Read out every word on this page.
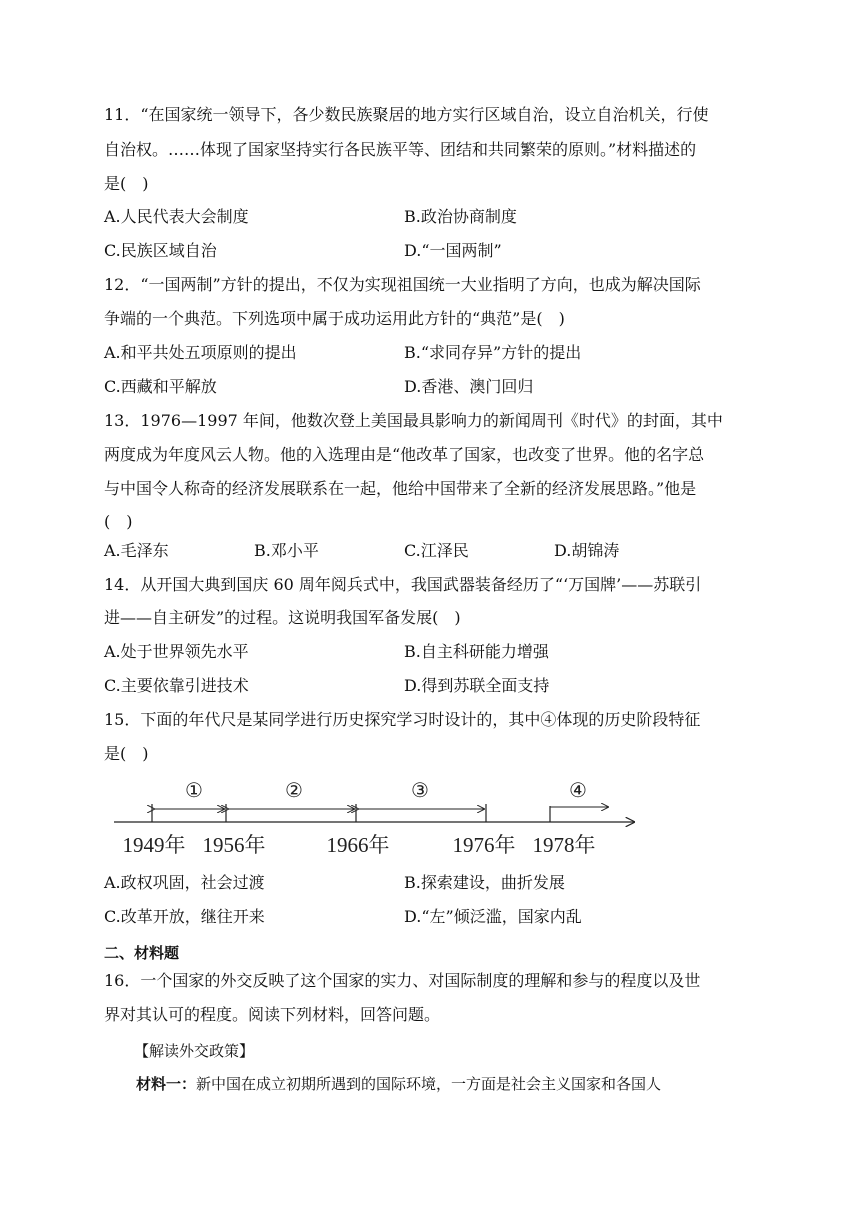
11．“在国家统一领导下，各少数民族聚居的地方实行区域自治，设立自治机关，行使
自治权。……体现了国家坚持实行各民族平等、团结和共同繁荣的原则。”材料描述的
是(　)
A.人民代表大会制度	B.政治协商制度
C.民族区域自治	D.“一国两制”
12．“一国两制”方针的提出，不仅为实现祖国统一大业指明了方向，也成为解决国际
争端的一个典范。下列选项中属于成功运用此方针的“典范”是(　)
A.和平共处五项原则的提出	B.“求同存异”方针的提出
C.西藏和平解放	D.香港、澳门回归
13．1976—1997 年间，他数次登上美国最具影响力的新闻周刊《时代》的封面，其中
两度成为年度风云人物。他的入选理由是“他改革了国家，也改变了世界。他的名字总
与中国令人称奇的经济发展联系在一起，他给中国带来了全新的经济发展思路。”他是
(　)
A.毛泽东	B.邓小平	C.江泽民	D.胡锦涛
14．从开国大典到国庆 60 周年阅兵式中，我国武器装备经历了“‘万国牌’——苏联引
进——自主研发”的过程。这说明我国军备发展(　)
A.处于世界领先水平	B.自主科研能力增强
C.主要依靠引进技术	D.得到苏联全面支持
15．下面的年代尺是某同学进行历史探究学习时设计的，其中④体现的历史阶段特征
是(　)
①	②	③	④
1949年 1956年	1966年	1976年 1978年
A.政权巩固，社会过渡	B.探索建设，曲折发展
C.改革开放，继往开来	D.“左”倾泛滥，国家内乱
二、材料题
16．一个国家的外交反映了这个国家的实力、对国际制度的理解和参与的程度以及世
界对其认可的程度。阅读下列材料，回答问题。
【解读外交政策】
材料一：新中国在成立初期所遇到的国际环境，一方面是社会主义国家和各国人
